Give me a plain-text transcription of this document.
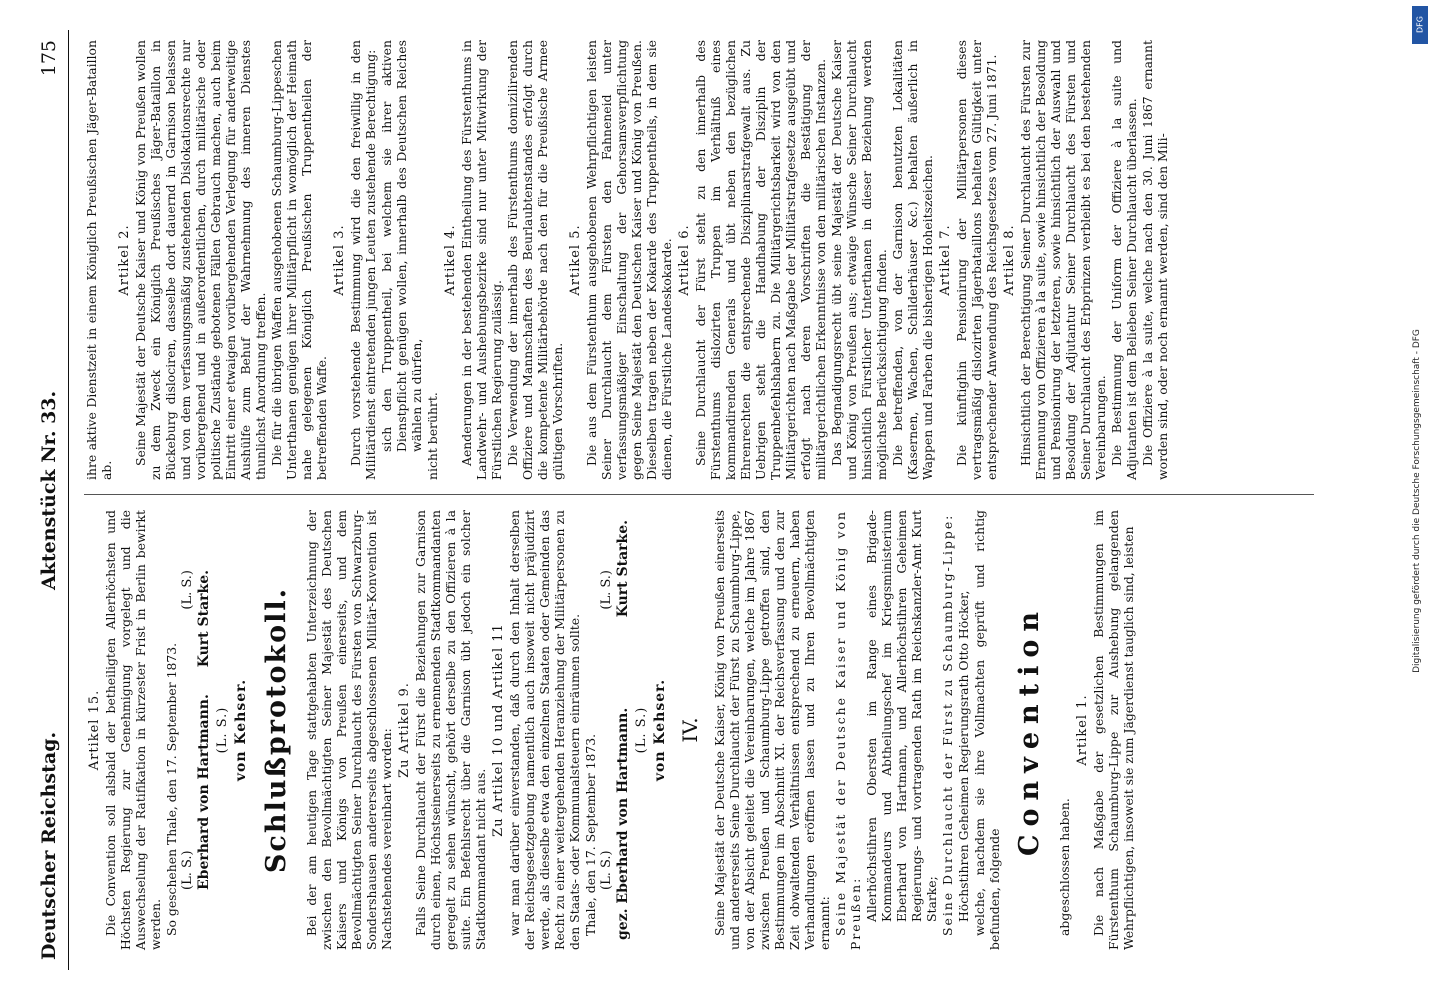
Deutscher Reichstag.
Aktenstück Nr. 33.
175

Artikel 15. Die Convention soll alsbald der betheiligten Allerhöchsten und Höchsten Regierung zur Genehmigung vorgelegt und die Auswechselung der Ratifikation in kürzester Frist in Berlin bewirkt werden. So geschehen Thale, den 17. September 1873. (L. S.)
(L. S.)
Eberhard von Hartmann.
Kurt Starke.

(L. S.) von Kehser. Schlußprotokoll. Bei der am heutigen Tage stattgehabten Unterzeichnung der zwischen den Bevollmächtigten Seiner Majestät des Deutschen Kaisers und Königs von Preußen einerseits, und dem Bevollmächtigten Seiner Durchlaucht des Fürsten von Schwarzburg-Sondershausen andererseits abgeschlossenen Militär-Konvention ist Nachstehendes vereinbart worden: Zu Artikel 9. Falls Seine Durchlaucht der Fürst die Beziehungen zur Garnison durch einen, Höchstseinerseits zu ernennenden Stadtkommandanten geregelt zu sehen wünscht, gehört derselbe zu den Offizieren à la suite. Ein Befehlsrecht über die Garnison übt jedoch ein solcher Stadtkommandant nicht aus.

Zu Artikel 10 und Artikel 11 war man darüber einverstanden, daß durch den Inhalt derselben der Reichsgesetzgebung namentlich auch insoweit nicht präjudizirt werde, als dieselbe etwa den einzelnen Staaten oder Gemeinden das Recht zu einer weitergehenden Heranziehung der Militärpersonen zu den Staats- oder Kommunalsteuern einräumen sollte. Thale, den 17. September 1873. (L. S.)
(L. S.)
gez. Eberhard von Hartmann.
Kurt Starke.

(L. S.) von Kehser. IV. Seine Majestät der Deutsche Kaiser, König von Preußen einerseits und andererseits Seine Durchlaucht der Fürst zu Schaumburg-Lippe, von der Absicht geleitet die Vereinbarungen, welche im Jahre 1867 zwischen Preußen und Schaumburg-Lippe getroffen sind, den Bestimmungen im Abschnitt XI. der Reichsverfassung und den zur Zeit obwaltenden Verhältnissen entsprechend zu erneuern, haben Verhandlungen eröffnen lassen und zu Ihren Bevollmächtigten ernannt: Seine Majestät der Deutsche Kaiser und König von Preußen: Allerhöchstihren Obersten im Range eines Brigade-Kommandeurs und Abtheilungschef im Kriegsministerium Eberhard von Hartmann, und Allerhöchstihren Geheimen Regierungs- und vortragenden Rath im Reichskanzler-Amt Kurt Starke; Seine Durchlaucht der Fürst zu Schaumburg-Lippe: Höchstihren Geheimen Regierungsrath Otto Höcker, welche, nachdem sie ihre Vollmachten geprüft und richtig befunden, folgende

Convention

abgeschlossen haben.

Artikel 1. Die nach Maßgabe der gesetzlichen Bestimmungen im Fürstenthum Schaumburg-Lippe zur Aushebung gelangenden Wehrpflichtigen, insoweit sie zum Jägerdienst tauglich sind, leisten

ihre aktive Dienstzeit in einem Königlich Preußischen Jäger-Bataillon ab.

Artikel 2. Seine Majestät der Deutsche Kaiser und König von Preußen wollen zu dem Zweck ein Königlich Preußisches Jäger-Bataillon in Bückeburg dislociren, dasselbe dort dauernd in Garnison belassen und von dem verfassungsmäßig zustehenden Dislokationsrechte nur vorübergehend und in außerordentlichen, durch militärische oder politische Zustände gebotenen Fällen Gebrauch machen, auch beim Eintritt einer etwaigen vorübergehenden Verlegung für anderweitige Aushülfe zum Behuf der Wahrnehmung des inneren Dienstes thunlichst Anordnung treffen. Die für die übrigen Waffen ausgehobenen Schaumburg-Lippeschen Unterthanen genügen ihrer Militärpflicht in womöglich der Heimath nahe gelegenen Königlich Preußischen Truppentheilen der betreffenden Waffe.

Artikel 3. Durch vorstehende Bestimmung wird die den freiwillig in den Militärdienst eintretenden jungen Leuten zustehende Berechtigung: sich den Truppentheil, bei welchem sie ihrer aktiven Dienstpflicht genügen wollen, innerhalb des Deutschen Reiches wählen zu dürfen, nicht berührt.

Artikel 4. Aenderungen in der bestehenden Eintheilung des Fürstenthums in Landwehr- und Aushebungsbezirke sind nur unter Mitwirkung der Fürstlichen Regierung zulässig. Die Verwendung der innerhalb des Fürstenthums domizilirenden Offiziere und Mannschaften des Beurlaubtenstandes erfolgt durch die kompetente Militärbehörde nach den für die Preußische Armee gültigen Vorschriften.

Artikel 5. Die aus dem Fürstenthum ausgehobenen Wehrpflichtigen leisten Seiner Durchlaucht dem Fürsten den Fahneneid unter verfassungsmäßiger Einschaltung der Gehorsamsverpflichtung gegen Seine Majestät den Deutschen Kaiser und König von Preußen. Dieselben tragen neben der Kokarde des Truppentheils, in dem sie dienen, die Fürstliche Landeskokarde. Artikel 6. Seine Durchlaucht der Fürst steht zu den innerhalb des Fürstenthums dislozirten Truppen im Verhältniß eines kommandirenden Generals und übt neben den bezüglichen Ehrenrechten die entsprechende Disziplinarstrafgewalt aus. Zu Uebrigen steht die Handhabung der Disziplin der Truppenbefehlshabern zu. Die Militärgerichtsbarkeit wird von den Militärgerichten nach Maßgabe der Militärstrafgesetze ausgeübt und erfolgt nach deren Vorschriften die Bestätigung der militärgerichtlichen Erkenntnisse von den militärischen Instanzen. Das Begnadigungsrecht übt seine Majestät der Deutsche Kaiser und König von Preußen aus; etwaige Wünsche Seiner Durchlaucht hinsichtlich Fürstlicher Unterthanen in dieser Beziehung werden möglichste Berücksichtigung finden. Die betreffenden, von der Garnison benutzten Lokalitäten (Kasernen, Wachen, Schilderhäuser &c.) behalten äußerlich in Wappen und Farben die bisherigen Hoheitszeichen. Artikel 7. Die künftighin Pensionirung der Militärpersonen dieses vertragsmäßig dislozirten Jägerbataillons behalten Gültigkeit unter entsprechender Anwendung des Reichsgesetzes vom 27. Juni 1871. Artikel 8. Hinsichtlich der Berechtigung Seiner Durchlaucht des Fürsten zur Ernennung von Offizieren à la suite, sowie hinsichtlich der Besoldung und Pensionirung der letzteren, sowie hinsichtlich der Auswahl und Besoldung der Adjutantur Seiner Durchlaucht des Fürsten und Seiner Durchlaucht des Erbprinzen verbleibt es bei den bestehenden Vereinbarungen. Die Bestimmung der Uniform der Offiziere à la suite und Adjutanten ist dem Belieben Seiner Durchlaucht überlassen. Die Offiziere à la suite, welche nach den 30. Juni 1867 ernannt worden sind, oder noch ernannt werden, sind den Mili-

Digitalisierung gefördert durch die Deutsche Forschungsgemeinschaft - DFG
DFG
